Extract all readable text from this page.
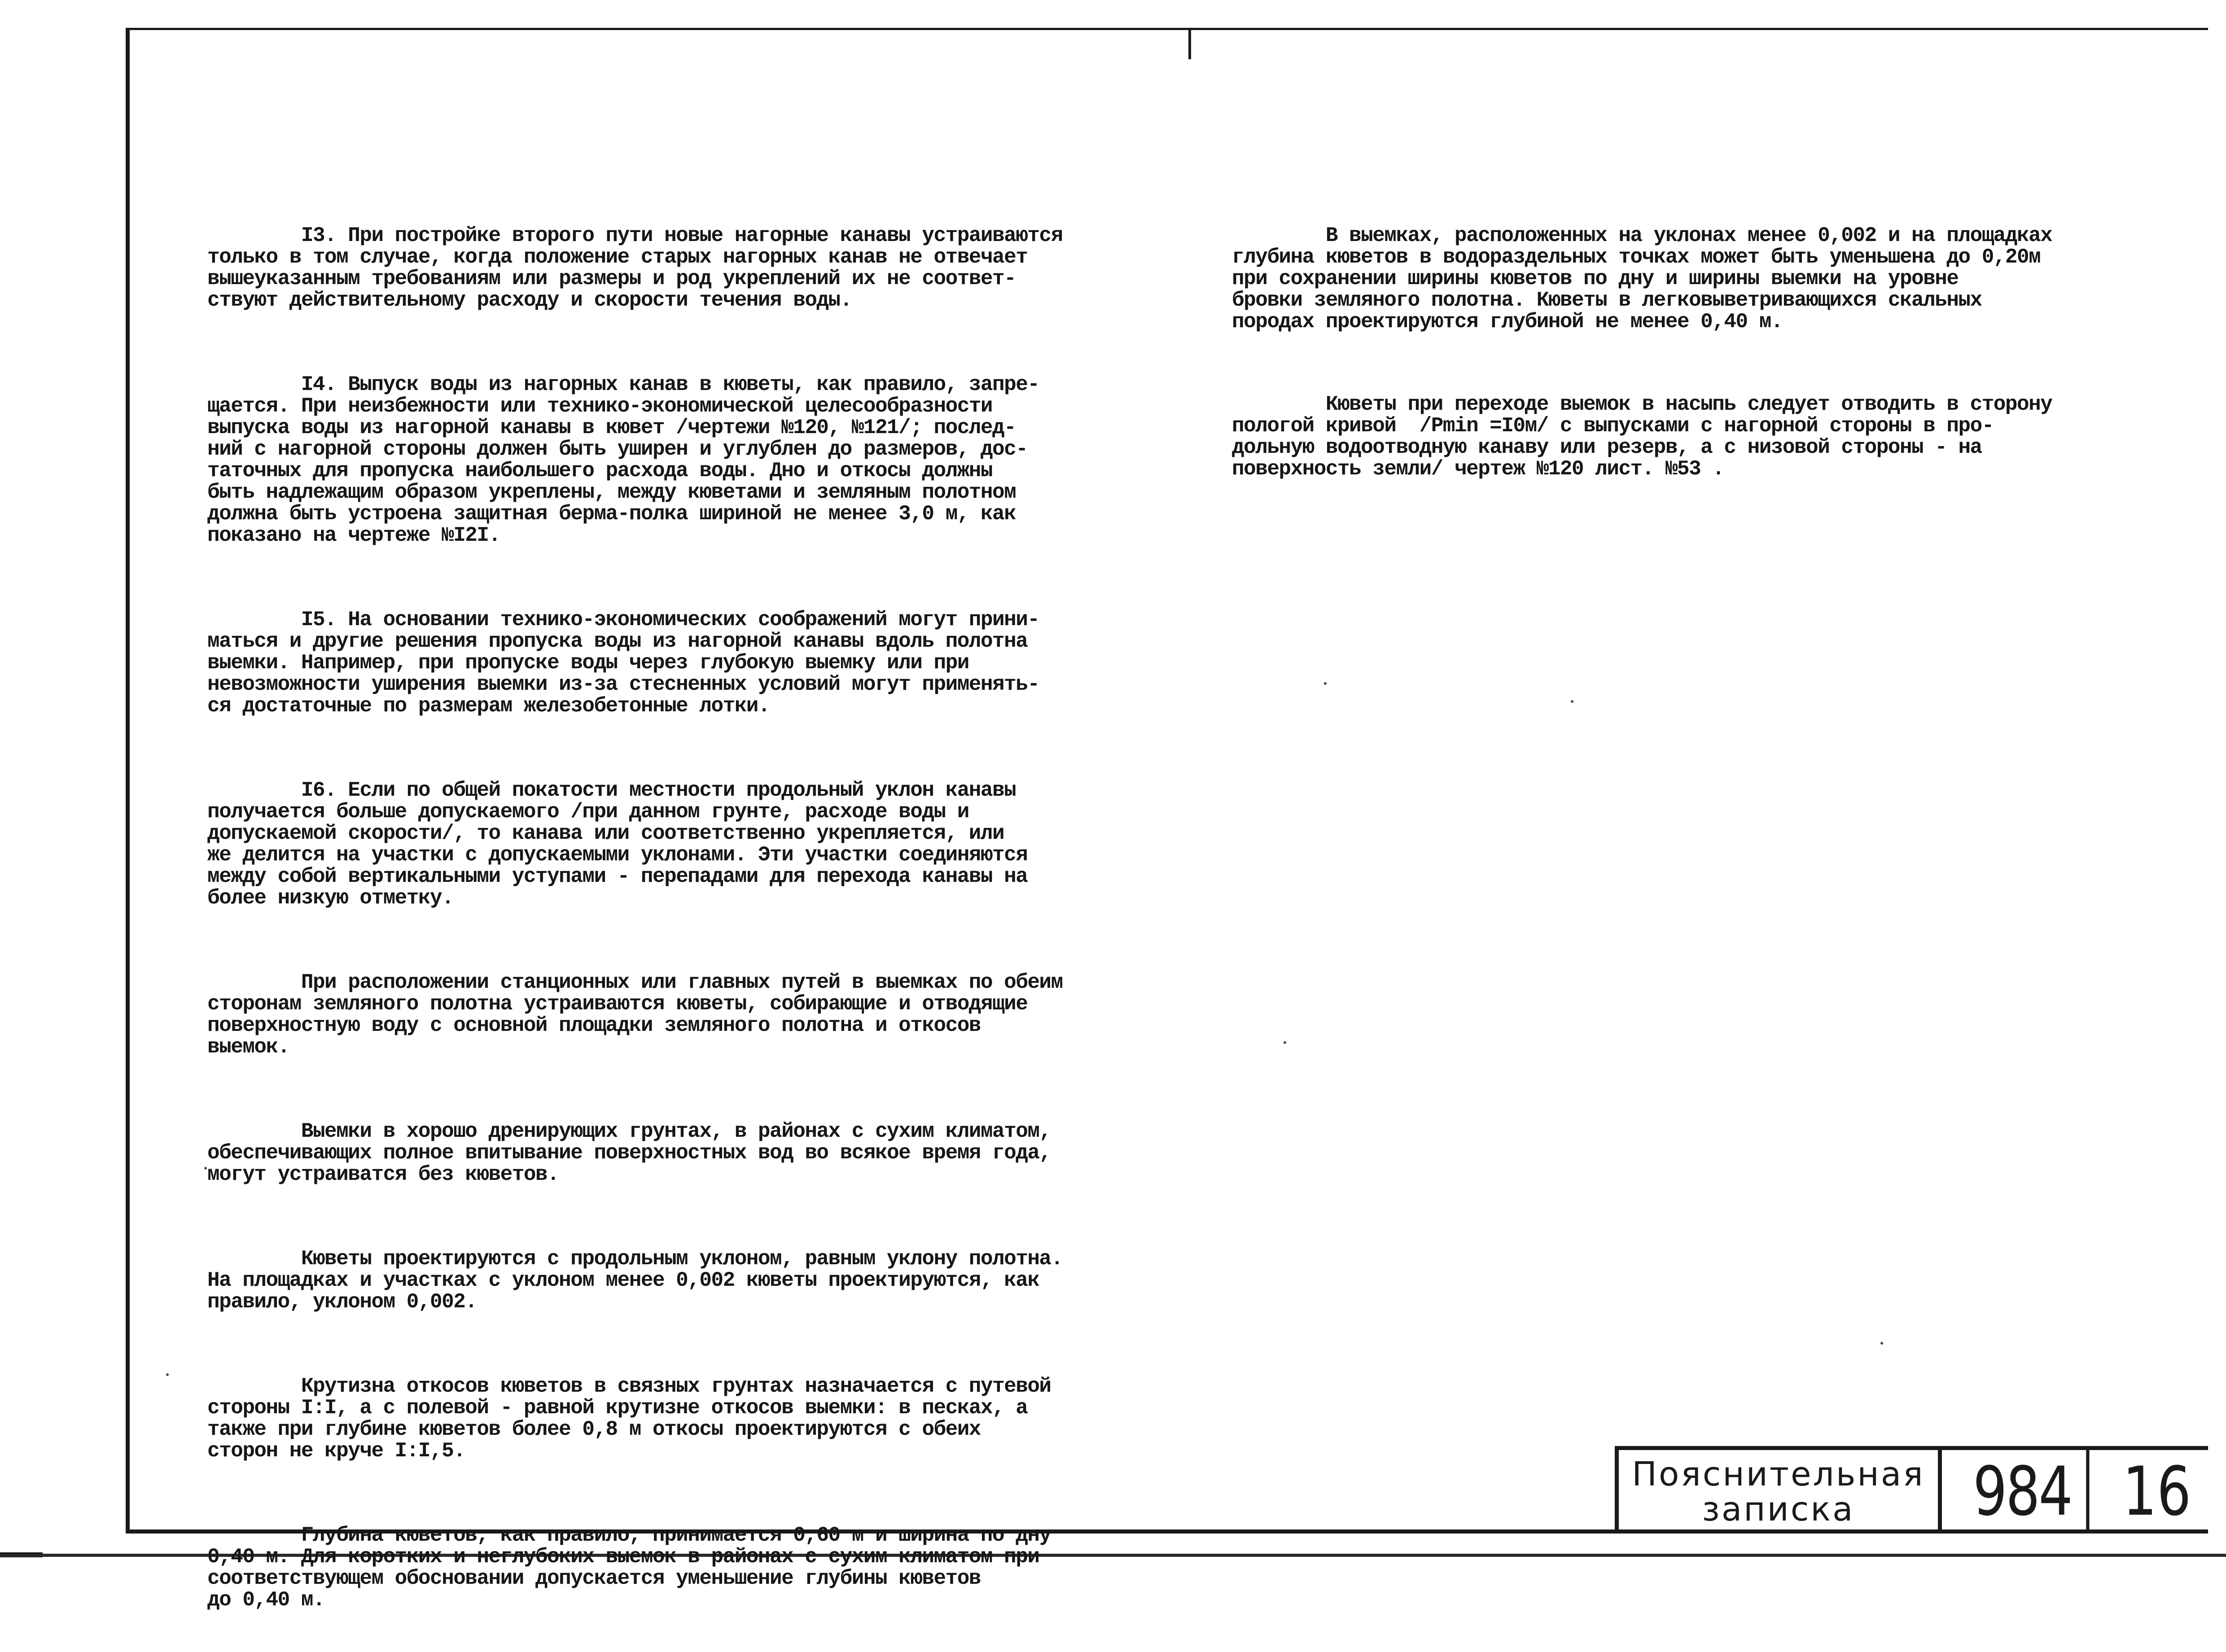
I3. При постройке второго пути новые нагорные канавы устраиваются
только в том случае, когда положение старых нагорных канав не отвечает
вышеуказанным требованиям или размеры и род укреплений их не соответ-
ствуют действительному расходу и скорости течения воды.

I4. Выпуск воды из нагорных канав в кюветы, как правило, запре-
щается. При неизбежности или технико-экономической целесообразности
выпуска воды из нагорной канавы в кювет /чертежи №120, №121/; послед-
ний с нагорной стороны должен быть уширен и углублен до размеров, дос-
таточных для пропуска наибольшего расхода воды. Дно и откосы должны
быть надлежащим образом укреплены, между кюветами и земляным полотном
должна быть устроена защитная берма-полка шириной не менее 3,0 м, как
показано на чертеже №I2I.

I5. На основании технико-экономических соображений могут прини-
маться и другие решения пропуска воды из нагорной канавы вдоль полотна
выемки. Например, при пропуске воды через глубокую выемку или при
невозможности уширения выемки из-за стесненных условий могут применять-
ся достаточные по размерам железобетонные лотки.

I6. Если по общей покатости местности продольный уклон канавы
получается больше допускаемого /при данном грунте, расходе воды и
допускаемой скорости/, то канава или соответственно укрепляется, или
же делится на участки с допускаемыми уклонами. Эти участки соединяются
между собой вертикальными уступами - перепадами для перехода канавы на
более низкую отметку.

При расположении станционных или главных путей в выемках по обеим
сторонам земляного полотна устраиваются кюветы, собирающие и отводящие
поверхностную воду с основной площадки земляного полотна и откосов
выемок.

Выемки в хорошо дренирующих грунтах, в районах с сухим климатом,
обеспечивающих полное впитывание поверхностных вод во всякое время года,
могут устраиватся без кюветов.

Кюветы проектируются с продольным уклоном, равным уклону полотна.
На площадках и участках с уклоном менее 0,002 кюветы проектируются, как
правило, уклоном 0,002.

Крутизна откосов кюветов в связных грунтах назначается с путевой
стороны I:I, а с полевой - равной крутизне откосов выемки: в песках, а
также при глубине кюветов более 0,8 м откосы проектируются с обеих
сторон не круче I:I,5.

Глубина кюветов, как правило, принимается 0,60 м и ширина по дну
0,40 м. Для коротких и неглубоких выемок в районах с сухим климатом при
соответствующем обосновании допускается уменьшение глубины кюветов
до 0,40 м.

В выемках, расположенных на уклонах менее 0,002 и на площадках
глубина кюветов в водораздельных точках может быть уменьшена до 0,20м
при сохранении ширины кюветов по дну и ширины выемки на уровне
бровки земляного полотна. Кюветы в легковыветривающихся скальных
породах проектируются глубиной не менее 0,40 м.

Кюветы при переходе выемок в насыпь следует отводить в сторону
пологой кривой  /Рmin =I0м/ с выпусками с нагорной стороны в про-
дольную водоотводную канаву или резерв, а с низовой стороны - на
поверхность земли/ чертеж №120 лист. №53 .

Пояснительная
записка 984 16
